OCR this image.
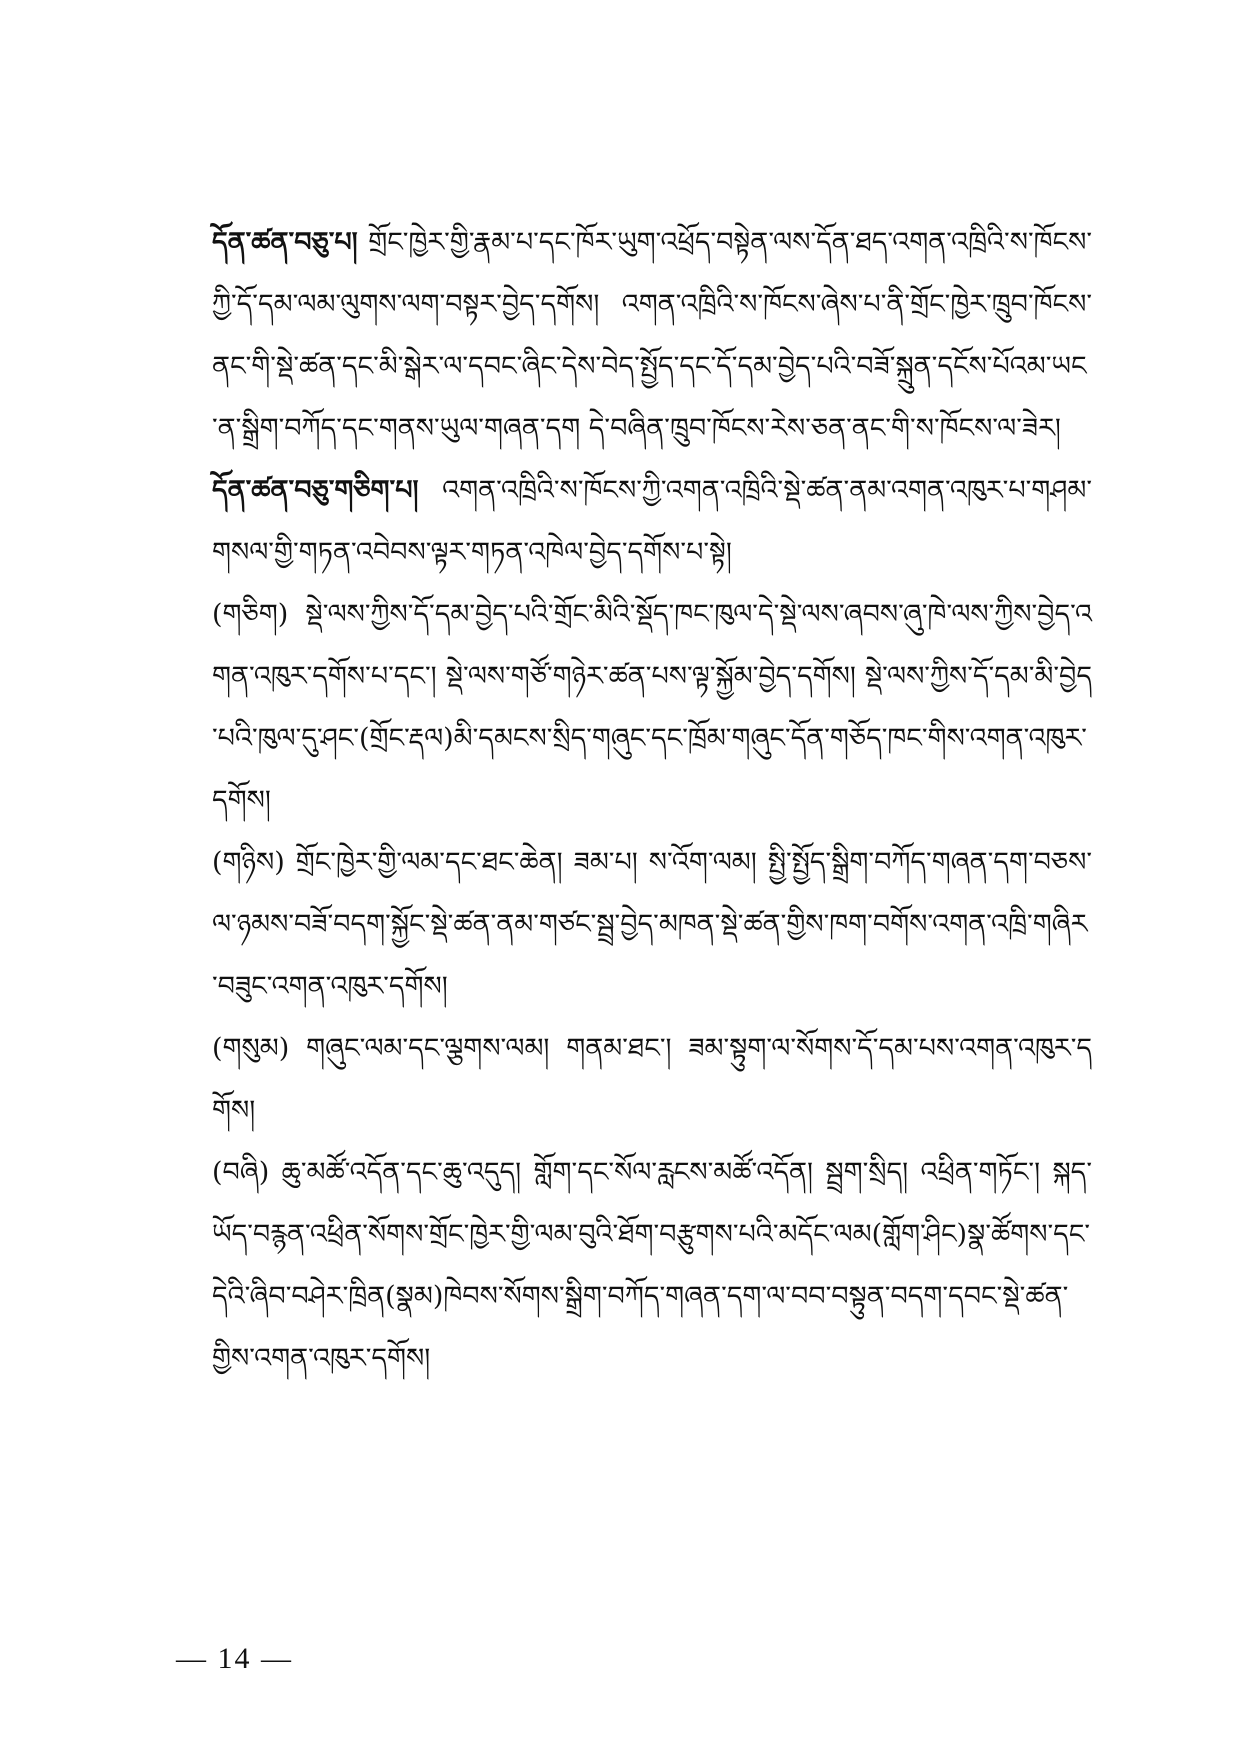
དོན་ཚན་བཅུ་པ། གྲོང་ཁྱེར་གྱི་རྣམ་པ་དང་ཁོར་ཡུག་འཕྲོད་བསྟེན་ལས་དོན་ཐད་འགན་འཁྲིའི་ས་ཁོངས་ཀྱི་དོ་དམ་ལམ་ལུགས་ལག་བསྟར་བྱེད་དགོས། འགན་འཁྲིའི་ས་ཁོངས་ཞེས་པ་ནི་གྲོང་ཁྱེར་ཁྲུབ་ཁོངས་ནང་གི་སྡེ་ཚན་དང་མི་སྒེར་ལ་དབང་ཞིང་དེས་བེད་སྤྱོད་དང་དོ་དམ་བྱེད་པའི་བཟོ་སྐྲུན་དངོས་པོའམ་ཡང་ན་སྒྲིག་བཀོད་དང་གནས་ཡུལ་གཞན་དག དེ་བཞིན་ཁྲུབ་ཁོངས་རེས་ཅན་ནང་གི་ས་ཁོངས་ལ་ཟེར།

དོན་ཚན་བཅུ་གཅིག་པ། འགན་འཁྲིའི་ས་ཁོངས་ཀྱི་འགན་འཁྲིའི་སྡེ་ཚན་ནམ་འགན་འཁུར་པ་གཤམ་གསལ་གྱི་གཏན་འབེབས་ལྟར་གཏན་འཁེལ་བྱེད་དགོས་པ་སྟེ།

(གཅིག) སྡེ་ལས་ཀྱིས་དོ་དམ་བྱེད་པའི་གྲོང་མིའི་སྡོད་ཁང་ཁུལ་དེ་སྡེ་ལས་ཞབས་ཞུ་ཁེ་ལས་ཀྱིས་བྱེད་འགན་འཁུར་དགོས་པ་དང་། སྡེ་ལས་གཙོ་གཉེར་ཚན་པས་ལྟ་སྐྱོམ་བྱེད་དགོས། སྡེ་ལས་ཀྱིས་དོ་དམ་མི་བྱེད་པའི་ཁུལ་དུ་ཤང་(གྲོང་རྡལ)མི་དམངས་སྲིད་གཞུང་དང་ཁྲོམ་གཞུང་དོན་གཅོད་ཁང་གིས་འགན་འཁུར་དགོས།

(གཉིས) གྲོང་ཁྱེར་གྱི་ལམ་དང་ཐང་ཆེན། ཟམ་པ། ས་འོག་ལམ། སྤྱི་སྤྱོད་སྒྲིག་བཀོད་གཞན་དག་བཅས་ལ་ཉམས་བཟོ་བདག་སྐྱོང་སྡེ་ཚན་ནམ་གཙང་སྦྲ་བྱེད་མཁན་སྡེ་ཚན་གྱིས་ཁག་བགོས་འགན་འཁྲི་གཞིར་བཟུང་འགན་འཁུར་དགོས།

(གསུམ) གཞུང་ལམ་དང་ལྕགས་ལམ། གནམ་ཐང་། ཟམ་སྟུག་ལ་སོགས་དོ་དམ་པས་འགན་འཁུར་དགོས།

(བཞི) ཆུ་མཚོ་འདོན་དང་ཆུ་འདུད། གློག་དང་སོལ་རླངས་མཚོ་འདོན། སྦྲག་སྲིད། འཕྲིན་གཏོང་། སྐད་ཡོད་བརྙན་འཕྲིན་སོགས་གྲོང་ཁྱེར་གྱི་ལམ་བུའི་ཐོག་བརྩུགས་པའི་མདོང་ལམ(གློག་ཤིང)སྣ་ཚོགས་དང་དེའི་ཞིབ་བཤེར་ཁྲིན(སྣམ)ཁེབས་སོགས་སྒྲིག་བཀོད་གཞན་དག་ལ་བབ་བསྟུན་བདག་དབང་སྡེ་ཚན་གྱིས་འགན་འཁུར་དགོས།

— 14 —
